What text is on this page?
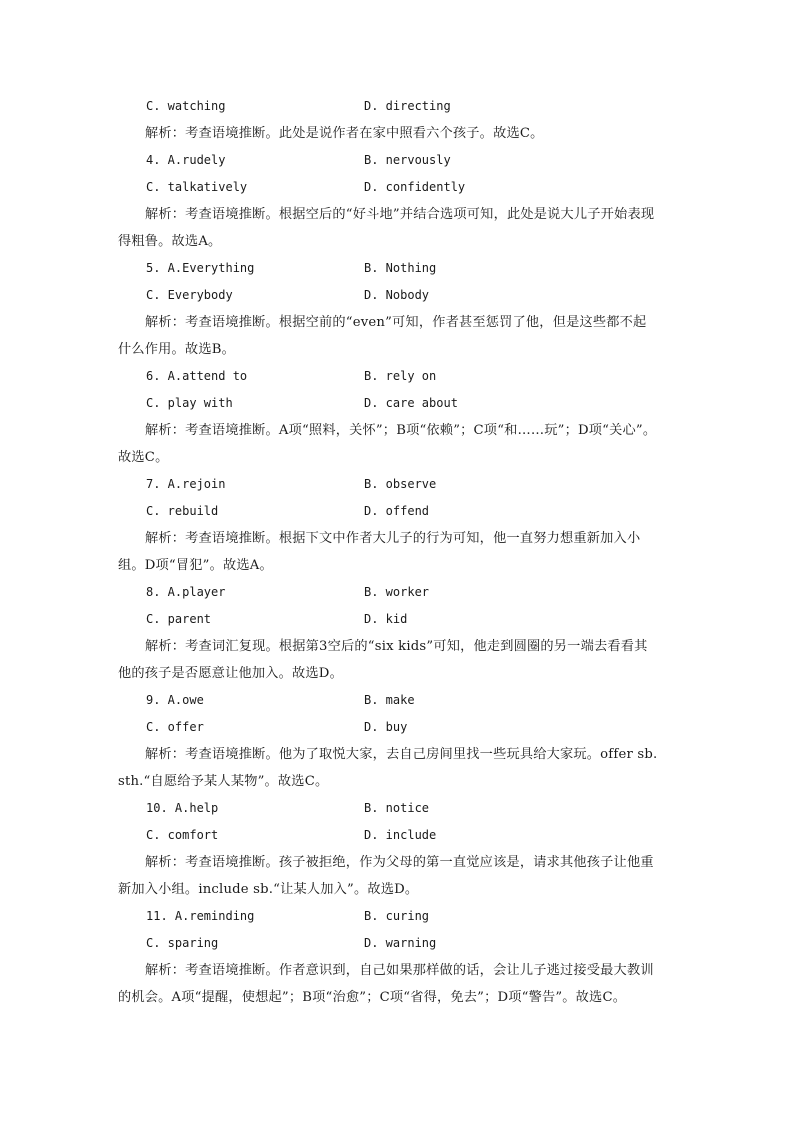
C. watching	D. directing

解析：考查语境推断。此处是说作者在家中照看六个孩子。故选C。

4. A.rudely	B. nervously
C. talkatively	D. confidently

解析：考查语境推断。根据空后的“好斗地”并结合选项可知，此处是说大儿子开始表现得粗鲁。故选A。

5. A.Everything	B. Nothing
C. Everybody	D. Nobody

解析：考查语境推断。根据空前的“even”可知，作者甚至惩罚了他，但是这些都不起什么作用。故选B。

6. A.attend to	B. rely on
C. play with	D. care about

解析：考查语境推断。A项“照料，关怀”；B项“依赖”；C项“和……玩”；D项“关心”。故选C。

7. A.rejoin	B. observe
C. rebuild	D. offend

解析：考查语境推断。根据下文中作者大儿子的行为可知，他一直努力想重新加入小组。D项“冒犯”。故选A。

8. A.player	B. worker
C. parent	D. kid

解析：考查词汇复现。根据第3空后的“six kids”可知，他走到圆圈的另一端去看看其他的孩子是否愿意让他加入。故选D。

9. A.owe	B. make
C. offer	D. buy

解析：考查语境推断。他为了取悦大家，去自己房间里找一些玩具给大家玩。offer sb. sth.“自愿给予某人某物”。故选C。

10. A.help	B. notice
C. comfort	D. include

解析：考查语境推断。孩子被拒绝，作为父母的第一直觉应该是，请求其他孩子让他重新加入小组。include sb.“让某人加入”。故选D。

11. A.reminding	B. curing
C. sparing	D. warning

解析：考查语境推断。作者意识到，自己如果那样做的话，会让儿子逃过接受最大教训的机会。A项“提醒，使想起”；B项“治愈”；C项“省得，免去”；D项“警告”。故选C。
